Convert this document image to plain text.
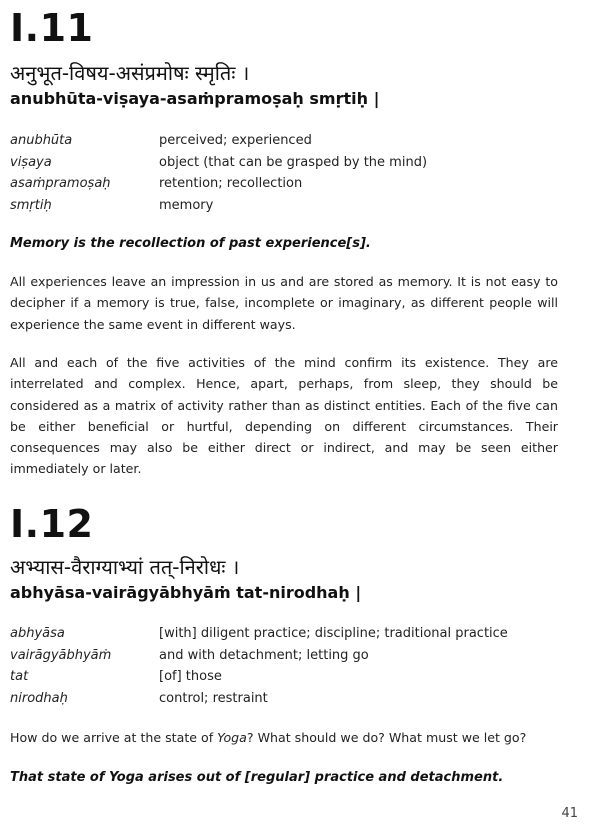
I.11
अनुभूत-विषय-असंप्रमोषः स्मृतिः ।
anubhūta-viṣaya-asaṁpramoṣaḥ smṛtiḥ |
anubhūta	perceived; experienced
viṣaya	object (that can be grasped by the mind)
asaṁpramoṣaḥ	retention; recollection
smṛtiḥ	memory
Memory is the recollection of past experience[s].

All experiences leave an impression in us and are stored as memory. It is not easy to decipher if a memory is true, false, incomplete or imaginary, as different people will experience the same event in different ways.

All and each of the five activities of the mind confirm its existence. They are interrelated and complex. Hence, apart, perhaps, from sleep, they should be considered as a matrix of activity rather than as distinct entities. Each of the five can be either beneficial or hurtful, depending on different circumstances. Their consequences may also be either direct or indirect, and may be seen either immediately or later.

I.12
अभ्यास-वैराग्याभ्यां तत्-निरोधः ।
abhyāsa-vairāgyābhyāṁ tat-nirodhaḥ |
abhyāsa	[with] diligent practice; discipline; traditional practice
vairāgyābhyāṁ	and with detachment; letting go
tat	[of] those
nirodhaḥ	control; restraint

How do we arrive at the state of Yoga? What should we do? What must we let go?

That state of Yoga arises out of [regular] practice and detachment.
41
